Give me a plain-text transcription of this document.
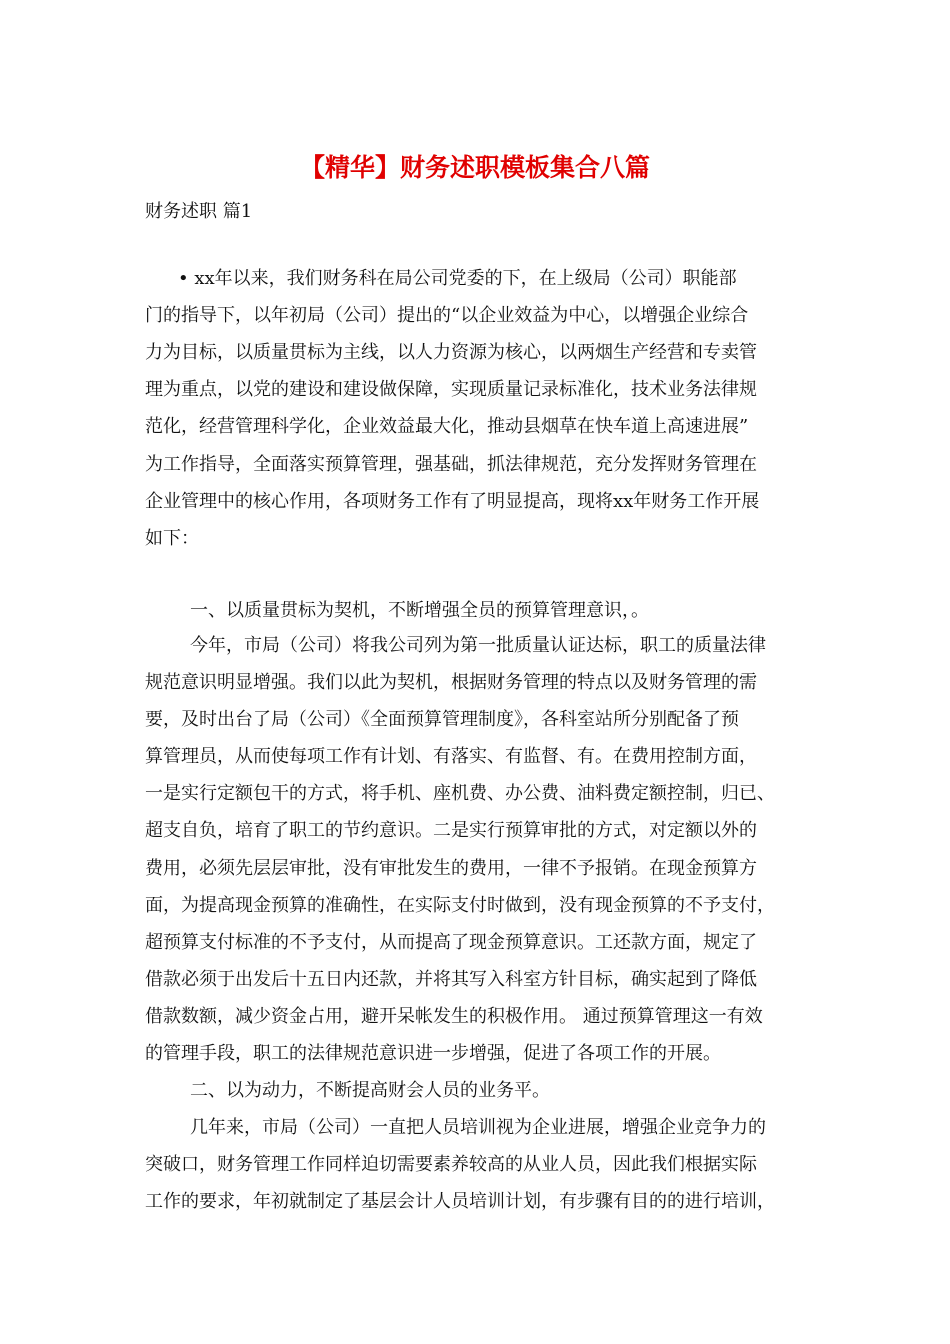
【精华】财务述职模板集合八篇
财务述职 篇1
• xx年以来，我们财务科在局公司党委的下，在上级局（公司）职能部
门的指导下，以年初局（公司）提出的“以企业效益为中心，以增强企业综合
力为目标，以质量贯标为主线，以人力资源为核心，以两烟生产经营和专卖管
理为重点，以党的建设和建设做保障，实现质量记录标准化，技术业务法律规
范化，经营管理科学化，企业效益最大化，推动县烟草在快车道上高速进展”
为工作指导，全面落实预算管理，强基础，抓法律规范，充分发挥财务管理在
企业管理中的核心作用，各项财务工作有了明显提高，现将xx年财务工作开展
如下：
一、以质量贯标为契机，不断增强全员的预算管理意识，。
今年，市局（公司）将我公司列为第一批质量认证达标，职工的质量法律
规范意识明显增强。我们以此为契机，根据财务管理的特点以及财务管理的需
要，及时出台了局（公司）《全面预算管理制度》，各科室站所分别配备了预
算管理员，从而使每项工作有计划、有落实、有监督、有。在费用控制方面，
一是实行定额包干的方式，将手机、座机费、办公费、油料费定额控制，归已、
超支自负，培育了职工的节约意识。二是实行预算审批的方式，对定额以外的
费用，必须先层层审批，没有审批发生的费用，一律不予报销。在现金预算方
面，为提高现金预算的准确性，在实际支付时做到，没有现金预算的不予支付，
超预算支付标准的不予支付，从而提高了现金预算意识。工还款方面，规定了
借款必须于出发后十五日内还款，并将其写入科室方针目标，确实起到了降低
借款数额，减少资金占用，避开呆帐发生的积极作用。 通过预算管理这一有效
的管理手段，职工的法律规范意识进一步增强，促进了各项工作的开展。
二、以为动力，不断提高财会人员的业务平。
几年来，市局（公司）一直把人员培训视为企业进展，增强企业竞争力的
突破口，财务管理工作同样迫切需要素养较高的从业人员，因此我们根据实际
工作的要求，年初就制定了基层会计人员培训计划，有步骤有目的的进行培训，
